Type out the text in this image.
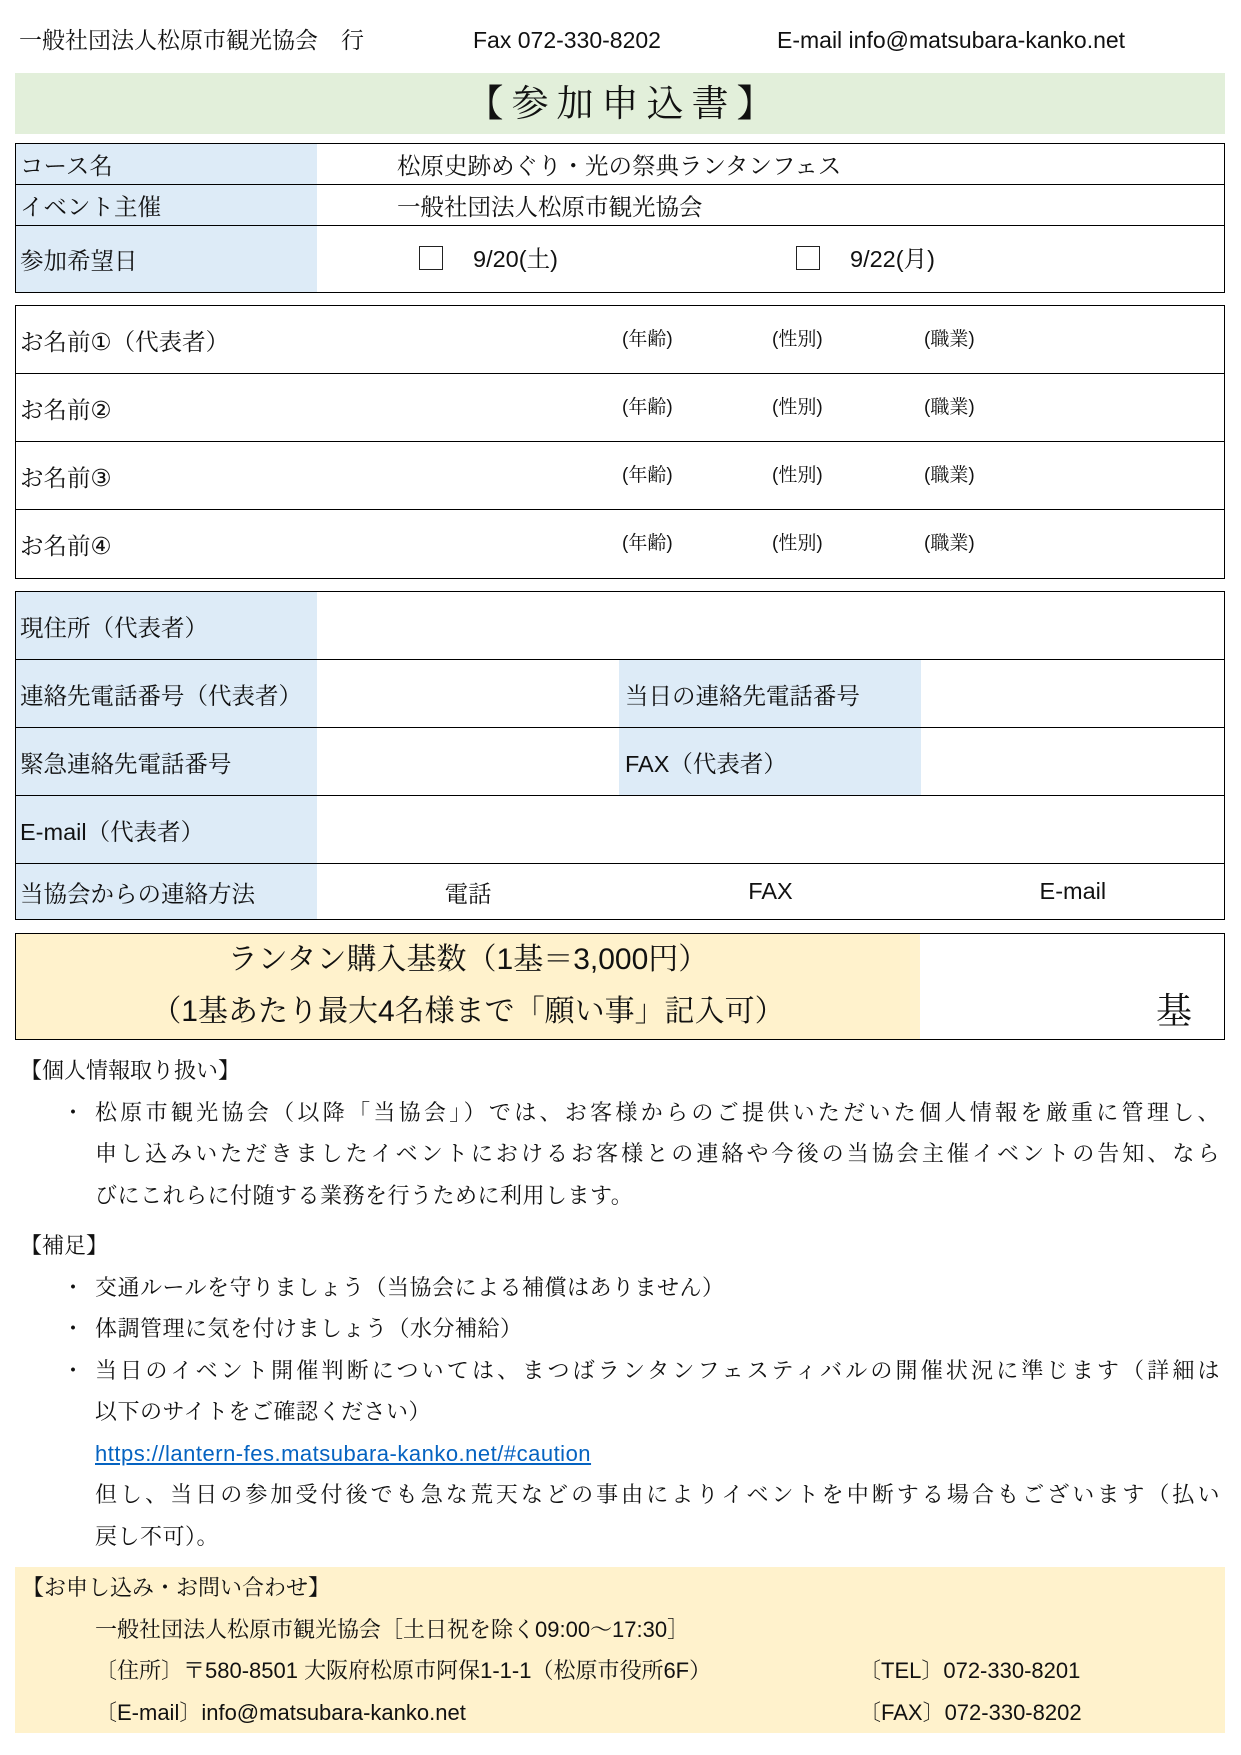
一般社団法人松原市観光協会　行	Fax 072-330-8202	E-mail info@matsubara-kanko.net
【参加申込書】
コース名	松原史跡めぐり・光の祭典ランタンフェス
イベント主催	一般社団法人松原市観光協会
参加希望日	9/20(土)	9/22(月)
お名前①（代表者）	(年齢)	(性別)	(職業)
お名前②	(年齢)	(性別)	(職業)
お名前③	(年齢)	(性別)	(職業)
お名前④	(年齢)	(性別)	(職業)
現住所（代表者）
連絡先電話番号（代表者）	当日の連絡先電話番号
緊急連絡先電話番号	FAX（代表者）
E-mail（代表者）
当協会からの連絡方法	電話	FAX	E-mail
ランタン購入基数（1基＝3,000円）
（1基あたり最大4名様まで「願い事」記入可）	基
【個人情報取り扱い】
・ 松原市観光協会（以降「当協会」）では、お客様からのご提供いただいた個人情報を厳重に管理し、
申し込みいただきましたイベントにおけるお客様との連絡や今後の当協会主催イベントの告知、なら
びにこれらに付随する業務を行うために利用します。
【補足】
・ 交通ルールを守りましょう（当協会による補償はありません）
・ 体調管理に気を付けましょう（水分補給）
・ 当日のイベント開催判断については、まつばランタンフェスティバルの開催状況に準じます（詳細は
以下のサイトをご確認ください）
https://lantern-fes.matsubara-kanko.net/#caution
但し、当日の参加受付後でも急な荒天などの事由によりイベントを中断する場合もございます（払い
戻し不可）。
【お申し込み・お問い合わせ】
一般社団法人松原市観光協会［土日祝を除く09:00～17:30］
〔住所〕〒580-8501 大阪府松原市阿保1-1-1（松原市役所6F）	〔TEL〕072-330-8201
〔E-mail〕info@matsubara-kanko.net	〔FAX〕072-330-8202
